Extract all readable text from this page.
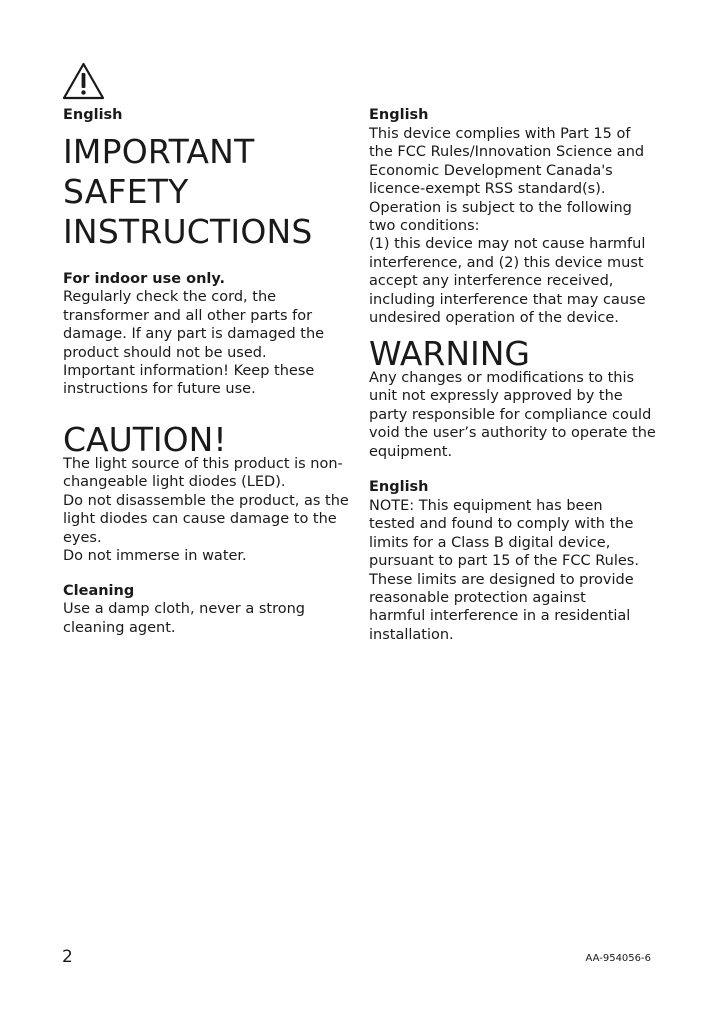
English

IMPORTANT
SAFETY
INSTRUCTIONS

For indoor use only.

Regularly check the cord, the
transformer and all other parts for
damage. If any part is damaged the
product should not be used.
Important information! Keep these
instructions for future use.

CAUTION!

The light source of this product is non-
changeable light diodes (LED).
Do not disassemble the product, as the
light diodes can cause damage to the
eyes.
Do not immerse in water.

Cleaning

Use a damp cloth, never a strong
cleaning agent.

English

This device complies with Part 15 of
the FCC Rules/Innovation Science and
Economic Development Canada's
licence-exempt RSS standard(s).
Operation is subject to the following
two conditions:
(1) this device may not cause harmful
interference, and (2) this device must
accept any interference received,
including interference that may cause
undesired operation of the device.

WARNING

Any changes or modifications to this
unit not expressly approved by the
party responsible for compliance could
void the user’s authority to operate the
equipment.

English

NOTE: This equipment has been
tested and found to comply with the
limits for a Class B digital device,
pursuant to part 15 of the FCC Rules.
These limits are designed to provide
reasonable protection against
harmful interference in a residential
installation.

2	AA-954056-6
